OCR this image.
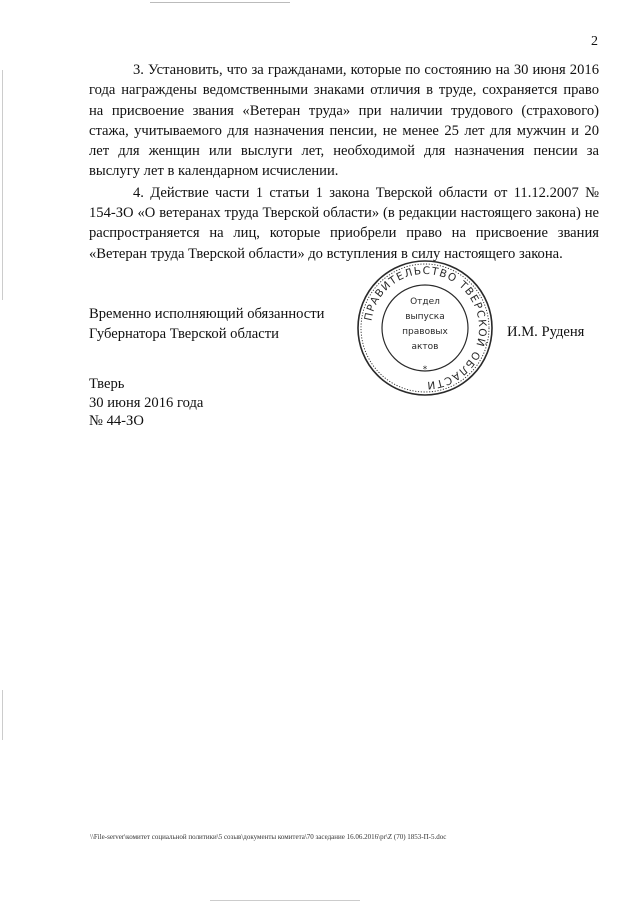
2

3. Установить, что за гражданами, которые по состоянию на 30 июня 2016 года награждены ведомственными знаками отличия в труде, сохраняется право на присвоение звания «Ветеран труда» при наличии трудового (страхового) стажа, учитываемого для назначения пенсии, не менее 25 лет для мужчин и 20 лет для женщин или выслуги лет, необходимой для назначения пенсии за выслугу лет в календарном исчислении.

4. Действие части 1 статьи 1 закона Тверской области от 11.12.2007 № 154-ЗО «О ветеранах труда Тверской области» (в редакции настоящего закона) не распространяется на лиц, которые приобрели право на присвоение звания «Ветеран труда Тверской области» до вступления в силу настоящего закона.

ПРАВИТЕЛЬСТВО ТВЕРСКОЙ ОБЛАСТИ
Отдел
выпуска
правовых
актов
*
Временно исполняющий обязанности
Губернатора Тверской области	И.М. Руденя
Тверь
30 июня 2016 года
№ 44-ЗО
\\File-server\комитет социальной политики\5 созыв\документы комитета\70 заседание 16.06.2016\pr\Z (70) 1853-П-5.doc
